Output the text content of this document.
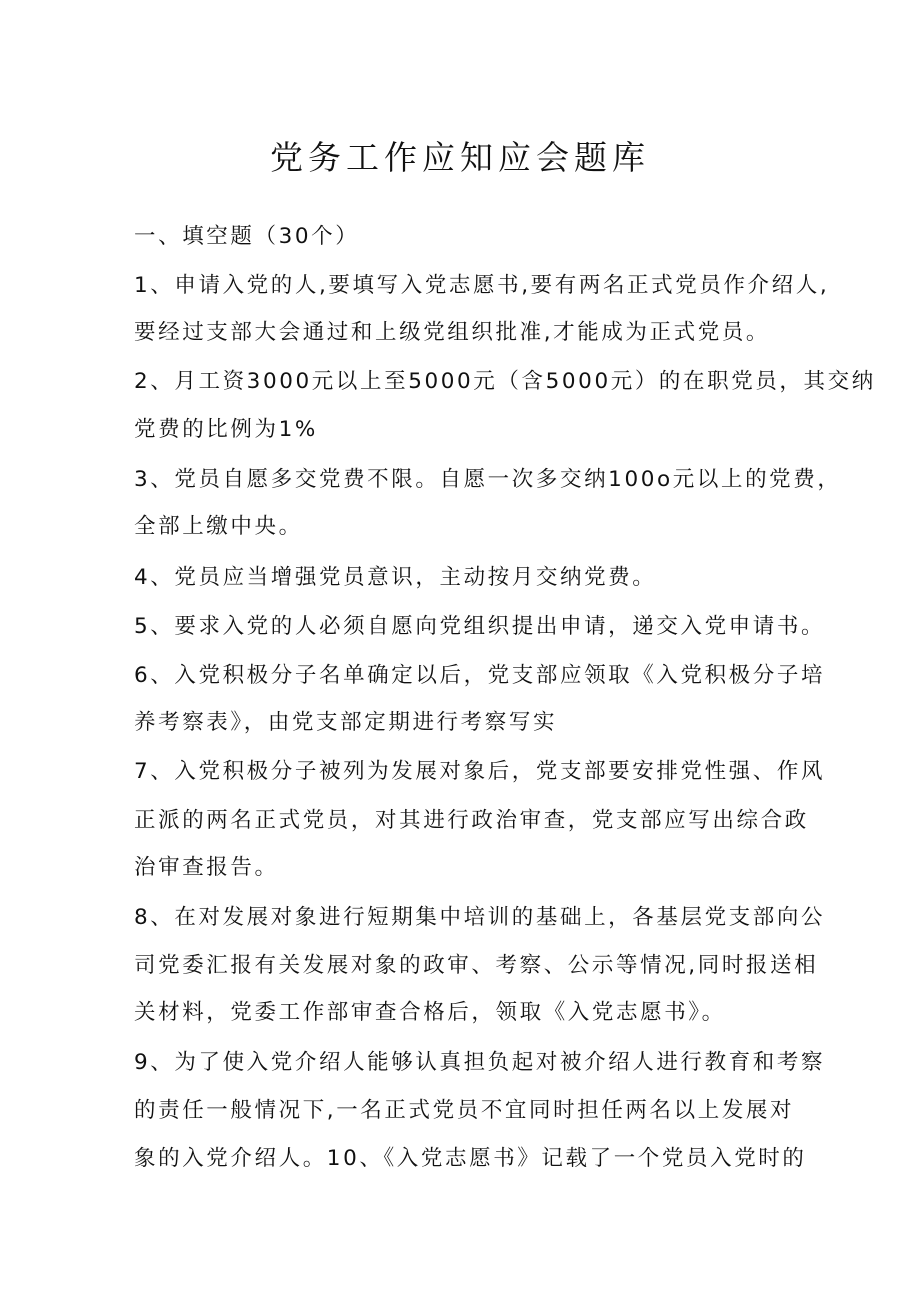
党务工作应知应会题库

一、填空题（30个）

1、申请入党的人,要填写入党志愿书,要有两名正式党员作介绍人,

要经过支部大会通过和上级党组织批准,才能成为正式党员。

2、月工资3000元以上至5000元（含5000元）的在职党员，其交纳

党费的比例为1%

3、党员自愿多交党费不限。自愿一次多交纳100o元以上的党费，

全部上缴中央。

4、党员应当增强党员意识，主动按月交纳党费。

5、要求入党的人必须自愿向党组织提出申请，递交入党申请书。

6、入党积极分子名单确定以后，党支部应领取《入党积极分子培

养考察表》，由党支部定期进行考察写实

7、入党积极分子被列为发展对象后，党支部要安排党性强、作风

正派的两名正式党员，对其进行政治审查，党支部应写出综合政

治审查报告。

8、在对发展对象进行短期集中培训的基础上，各基层党支部向公

司党委汇报有关发展对象的政审、考察、公示等情况,同时报送相

关材料，党委工作部审查合格后，领取《入党志愿书》。

9、为了使入党介绍人能够认真担负起对被介绍人进行教育和考察

的责任一般情况下,一名正式党员不宜同时担任两名以上发展对

象的入党介绍人。10、《入党志愿书》记载了一个党员入党时的
